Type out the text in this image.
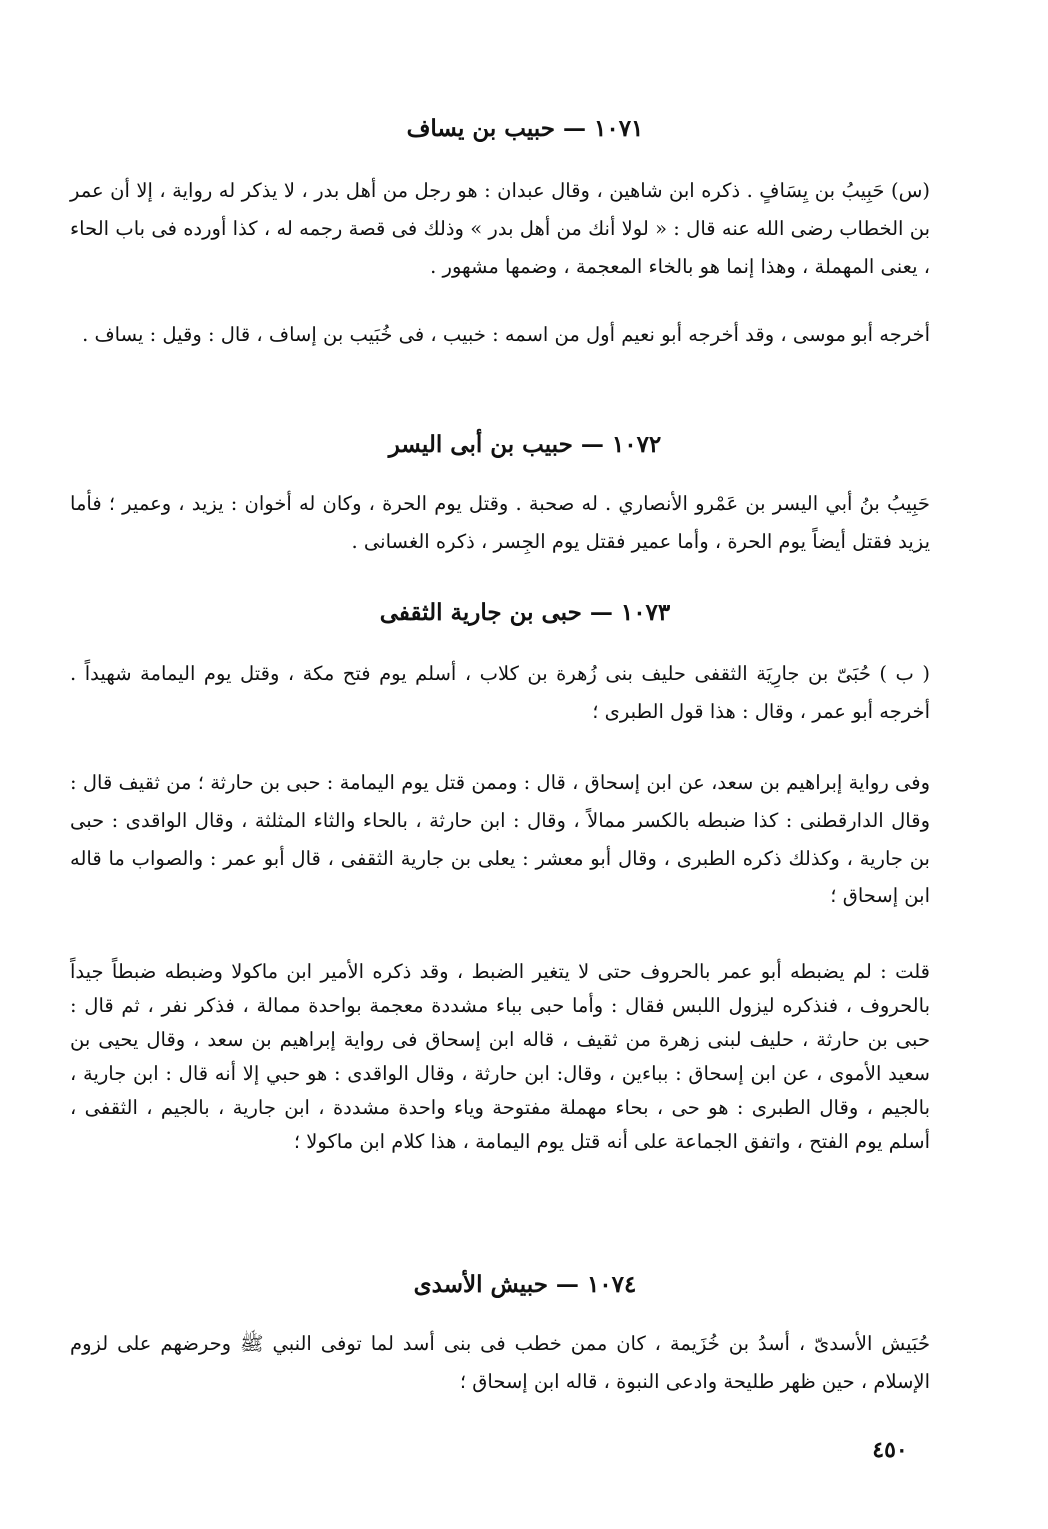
١٠٧١ — حبيب بن يساف
(س) حَبِيبُ بن يِسَافٍ . ذكره ابن شاهين ، وقال عبدان : هو رجل من أهل بدر ، لا يذكر له رواية ، إلا أن عمر بن الخطاب رضى الله عنه قال : « لولا أنك من أهل بدر » وذلك فى قصة رجمه له ، كذا أورده فى باب الحاء ، يعنى المهملة ، وهذا إنما هو بالخاء المعجمة ، وضمها مشهور .
أخرجه أبو موسى ، وقد أخرجه أبو نعيم أول من اسمه : خبيب ، فى خُبَيب بن إساف ، قال : وقيل : يساف .
١٠٧٢ — حبيب بن أبى اليسر
حَبِيبُ بنُ أبي اليسر بن عَمْرو الأنصاري . له صحبة . وقتل يوم الحرة ، وكان له أخوان : يزيد ، وعمير ؛ فأما يزيد فقتل أيضاً يوم الحرة ، وأما عمير فقتل يوم الجِسر ، ذكره الغسانى .
١٠٧٣ — حبى بن جارية الثقفى
( ب ) حُبَىّ بن جارِيَة الثقفى حليف بنى زُهرة بن كلاب ، أسلم يوم فتح مكة ، وقتل يوم اليمامة شهيداً . أخرجه أبو عمر ، وقال : هذا قول الطبرى ؛
وفى رواية إبراهيم بن سعد، عن ابن إسحاق ، قال : وممن قتل يوم اليمامة : حبى بن حارثة ؛ من ثقيف قال : وقال الدارقطنى : كذا ضبطه بالكسر ممالاً ، وقال : ابن حارثة ، بالحاء والثاء المثلثة ، وقال الواقدى : حبى بن جارية ، وكذلك ذكره الطبرى ، وقال أبو معشر : يعلى بن جارية الثقفى ، قال أبو عمر : والصواب ما قاله ابن إسحاق ؛
قلت : لم يضبطه أبو عمر بالحروف حتى لا يتغير الضبط ، وقد ذكره الأمير ابن ماكولا وضبطه ضبطاً جيداً بالحروف ، فنذكره ليزول اللبس فقال : وأما حبى بباء مشددة معجمة بواحدة ممالة ، فذكر نفر ، ثم قال : حبى بن حارثة ، حليف لبنى زهرة من ثقيف ، قاله ابن إسحاق فى رواية إبراهيم بن سعد ، وقال يحيى بن سعيد الأموى ، عن ابن إسحاق : بباءين ، وقال: ابن حارثة ، وقال الواقدى : هو حبي إلا أنه قال : ابن جارية ، بالجيم ، وقال الطبرى : هو حى ، بحاء مهملة مفتوحة وياء واحدة مشددة ، ابن جارية ، بالجيم ، الثقفى ، أسلم يوم الفتح ، واتفق الجماعة على أنه قتل يوم اليمامة ، هذا كلام ابن ماكولا ؛
١٠٧٤ — حبيش الأسدى
حُبَيش الأسدىّ ، أسدُ بن خُزَيمة ، كان ممن خطب فى بنى أسد لما توفى النبي ﷺ وحرضهم على لزوم الإسلام ، حين ظهر طليحة وادعى النبوة ، قاله ابن إسحاق ؛
٤٥٠
